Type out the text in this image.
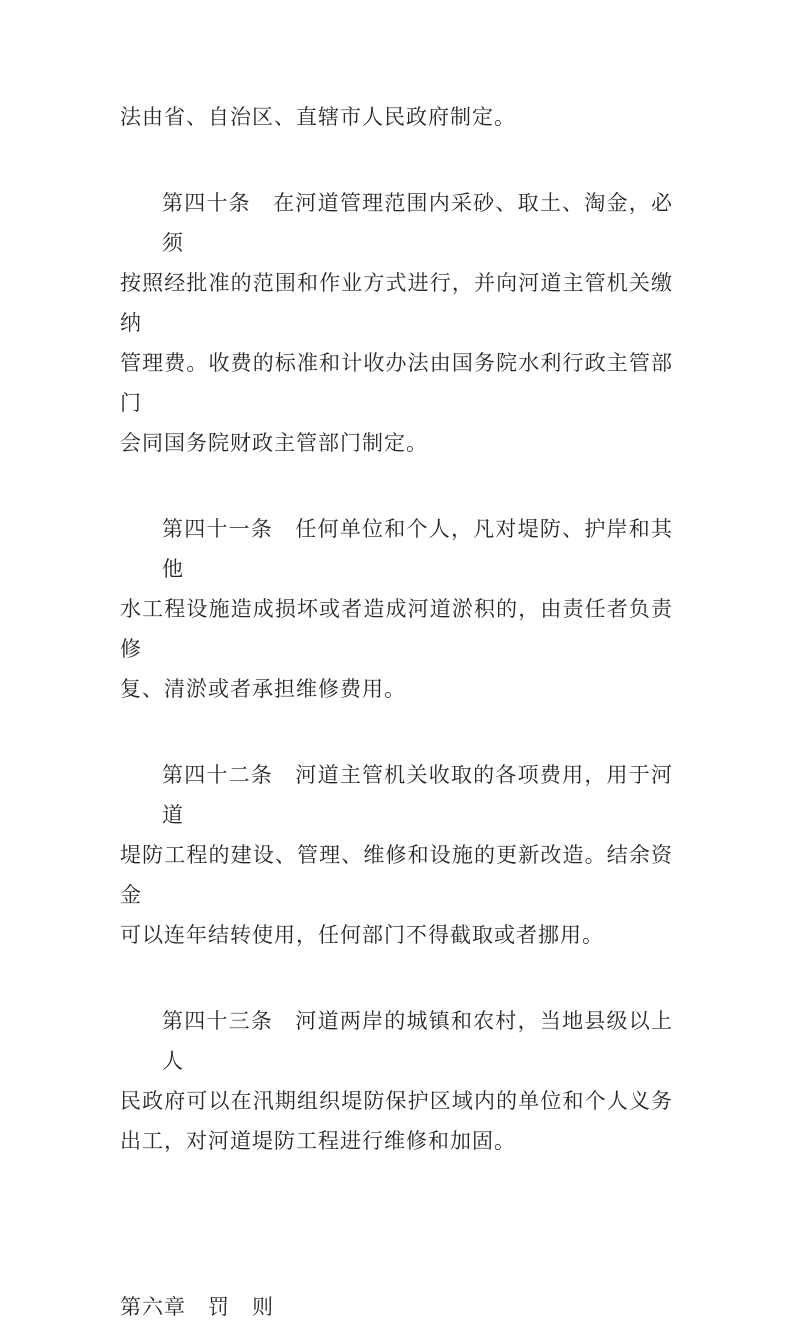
法由省、自治区、直辖市人民政府制定。
第四十条　在河道管理范围内采砂、取土、淘金，必须
按照经批准的范围和作业方式进行，并向河道主管机关缴纳
管理费。收费的标准和计收办法由国务院水利行政主管部门
会同国务院财政主管部门制定。
第四十一条　任何单位和个人，凡对堤防、护岸和其他
水工程设施造成损坏或者造成河道淤积的，由责任者负责修
复、清淤或者承担维修费用。
第四十二条　河道主管机关收取的各项费用，用于河道
堤防工程的建设、管理、维修和设施的更新改造。结余资金
可以连年结转使用，任何部门不得截取或者挪用。
第四十三条　河道两岸的城镇和农村，当地县级以上人
民政府可以在汛期组织堤防保护区域内的单位和个人义务
出工，对河道堤防工程进行维修和加固。
第六章　罚　则
